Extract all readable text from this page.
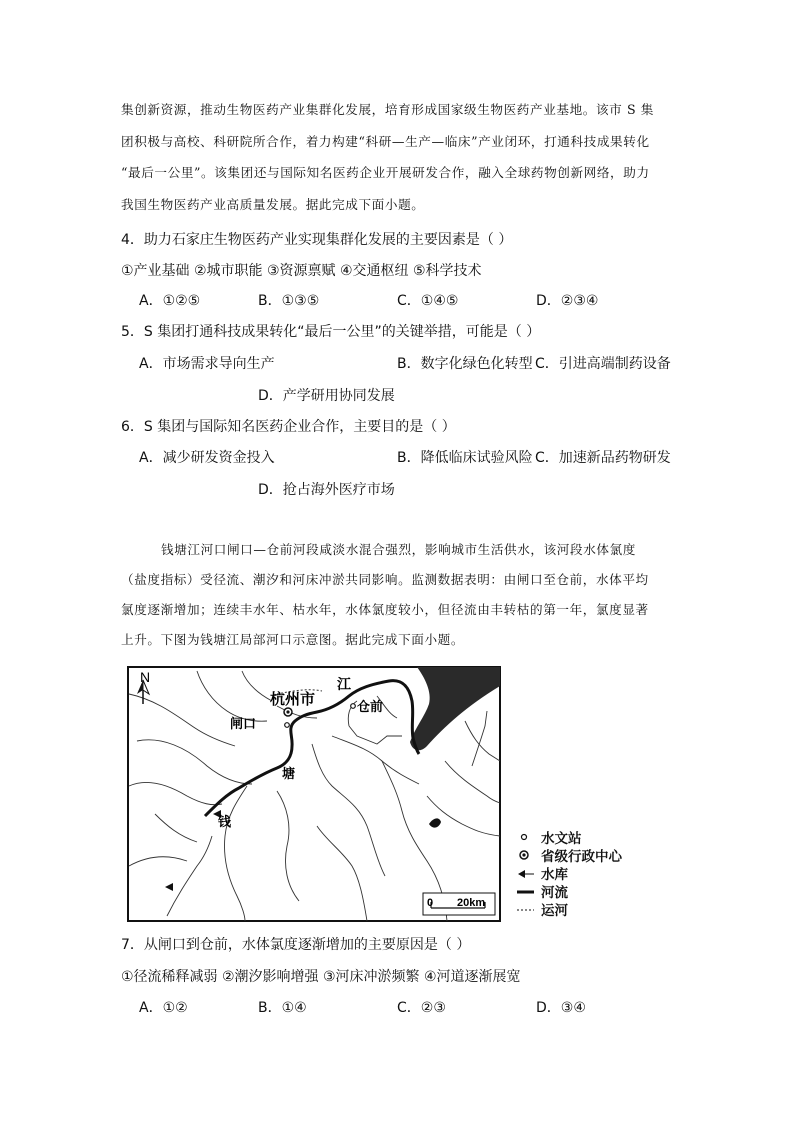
集创新资源，推动生物医药产业集群化发展，培育形成国家级生物医药产业基地。该市 S 集
团积极与高校、科研院所合作，着力构建“科研—生产—临床”产业闭环，打通科技成果转化
“最后一公里”。该集团还与国际知名医药企业开展研发合作，融入全球药物创新网络，助力
我国生物医药产业高质量发展。据此完成下面小题。
4．助力石家庄生物医药产业实现集群化发展的主要因素是（ ）
①产业基础 ②城市职能 ③资源禀赋 ④交通枢纽 ⑤科学技术
A．①②⑤	B．①③⑤	C．①④⑤	D．②③④
5．S 集团打通科技成果转化“最后一公里”的关键举措，可能是（ ）
A．市场需求导向生产	B．数字化绿色化转型 C．引进高端制药设备
D．产学研用协同发展
6．S 集团与国际知名医药企业合作，主要目的是（ ）
A．减少研发资金投入	B．降低临床试验风险 C．加速新品药物研发
D．抢占海外医疗市场
钱塘江河口闸口—仓前河段咸淡水混合强烈，影响城市生活供水，该河段水体氯度
（盐度指标）受径流、潮汐和河床冲淤共同影响。监测数据表明：由闸口至仓前，水体平均
氯度逐渐增加；连续丰水年、枯水年，水体氯度较小，但径流由丰转枯的第一年，氯度显著
上升。下图为钱塘江局部河口示意图。据此完成下面小题。
N
杭州市
江
仓前
闸口
塘
钱
0 20km
水文站
省级行政中心
水库
河流
运河
7．从闸口到仓前，水体氯度逐渐增加的主要原因是（ ）
①径流稀释减弱 ②潮汐影响增强 ③河床冲淤频繁 ④河道逐渐展宽
A．①②	B．①④	C．②③	D．③④
